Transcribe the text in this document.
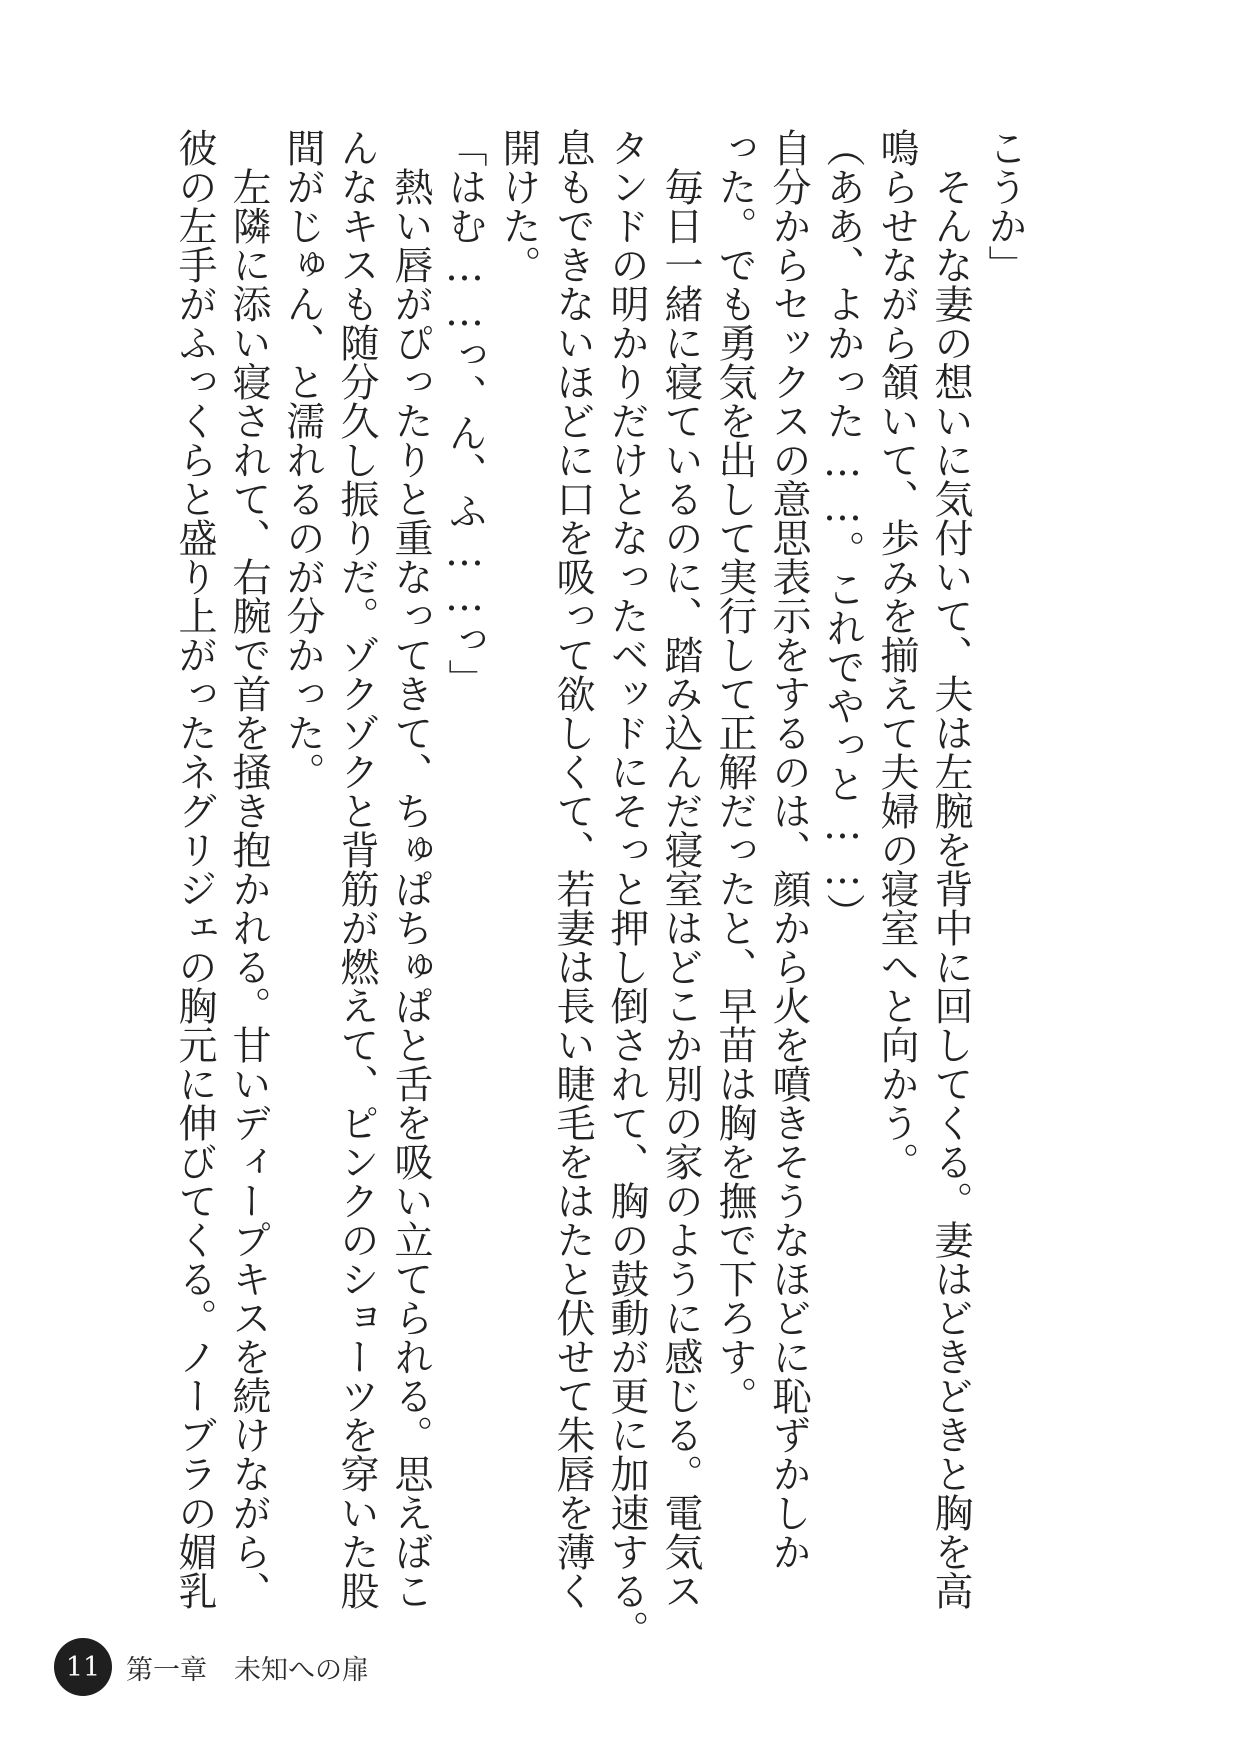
こうか」
　そんな妻の想いに気付いて、夫は左腕を背中に回してくる。妻はどきどきと胸を高
鳴らせながら頷いて、歩みを揃えて夫婦の寝室へと向かう。
（ああ、よかった……。これでやっと……）
自分からセックスの意思表示をするのは、顔から火を噴きそうなほどに恥ずかしか
った。でも勇気を出して実行して正解だったと、早苗は胸を撫で下ろす。
　毎日一緒に寝ているのに、踏み込んだ寝室はどこか別の家のように感じる。電気ス
タンドの明かりだけとなったベッドにそっと押し倒されて、胸の鼓動が更に加速する。
息もできないほどに口を吸って欲しくて、若妻は長い睫毛をはたと伏せて朱唇を薄く
開けた。
「はむ……っ、ん、ふ……っ」
　熱い唇がぴったりと重なってきて、ちゅぱちゅぱと舌を吸い立てられる。思えばこ
んなキスも随分久し振りだ。ゾクゾクと背筋が燃えて、ピンクのショーツを穿いた股
間がじゅん、と濡れるのが分かった。
　左隣に添い寝されて、右腕で首を掻き抱かれる。甘いディープキスを続けながら、
彼の左手がふっくらと盛り上がったネグリジェの胸元に伸びてくる。ノーブラの媚乳
11 第一章　未知への扉
